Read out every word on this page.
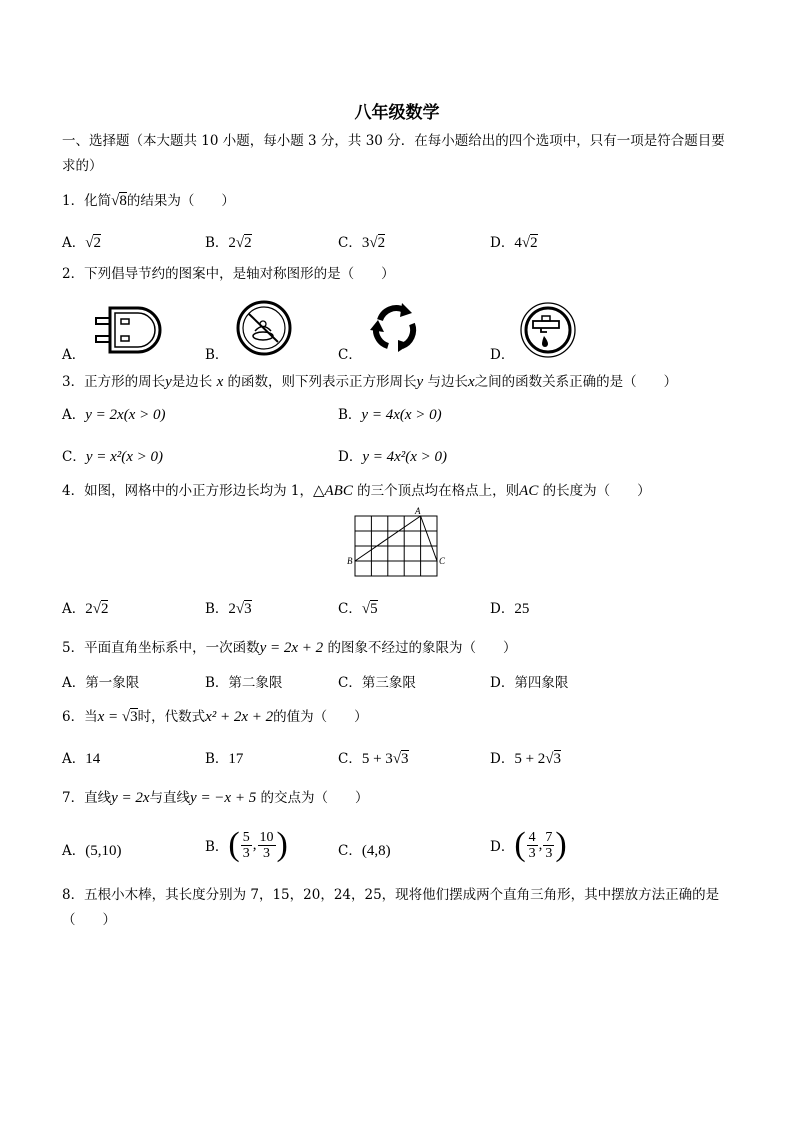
八年级数学
一、选择题（本大题共 10 小题，每小题 3 分，共 30 分．在每小题给出的四个选项中，只有一项是符合题目要
求的）
1．化简√8的结果为（　　）
A．√2	B．2√2	C．3√2	D．4√2
2．下列倡导节约的图案中，是轴对称图形的是（　　）
A．	B．	C．	D．
3．正方形的周长y是边长 x 的函数，则下列表示正方形周长y 与边长x之间的函数关系正确的是（　　）
A．y = 2x(x > 0)	B．y = 4x(x > 0)
C．y = x²(x > 0)	D．y = 4x²(x > 0)
4．如图，网格中的小正方形边长均为 1，△ABC 的三个顶点均在格点上，则AC 的长度为（　　）
A
B	C
A．2√2	B．2√3	C．√5	D．25
5．平面直角坐标系中，一次函数y = 2x + 2 的图象不经过的象限为（　　）
A．第一象限	B．第二象限	C．第三象限	D．第四象限
6．当x = √3时，代数式x² + 2x + 2的值为（　　）
A．14	B．17	C．5 + 3√3	D．5 + 2√3
7．直线y = 2x与直线y = −x + 5 的交点为（　　）
A．(5,10)	B． ( $\frac{5}{3}$ , $\frac{10}{3}$ )	C．(4,8)	D． ( $\frac{4}{3}$ , $\frac{7}{3}$ )
8．五根小木棒，其长度分别为 7，15，20，24，25，现将他们摆成两个直角三角形，其中摆放方法正确的是
（　　）
